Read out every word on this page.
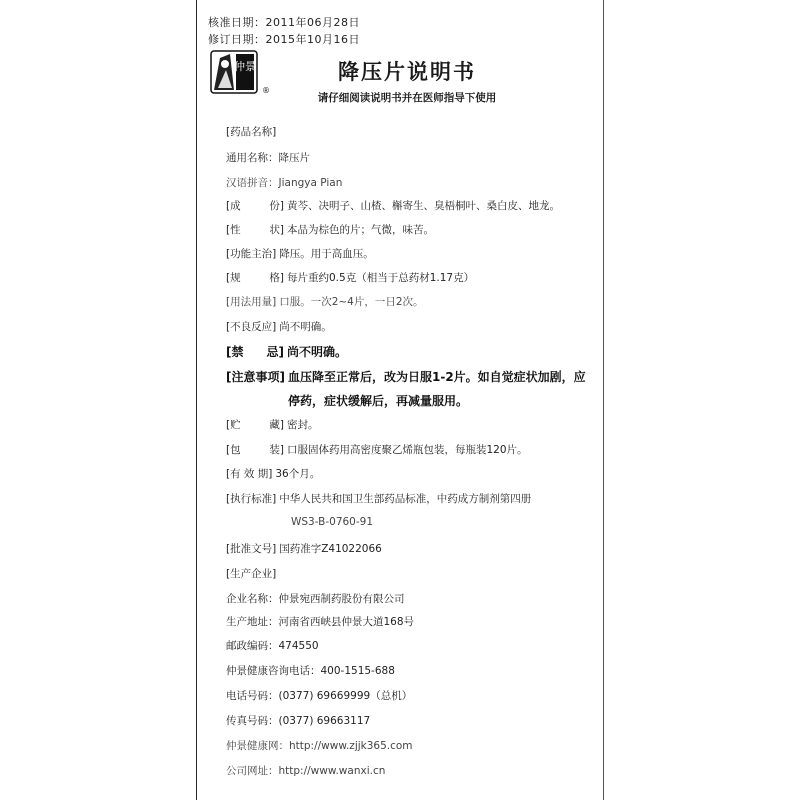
核准日期：2011年06月28日
修订日期：2015年10月16日
仲景
®
降压片说明书
请仔细阅读说明书并在医师指导下使用
[药品名称]
通用名称：降压片
汉语拼音：Jiangya Pian
[成	份] 黄芩、决明子、山楂、槲寄生、臭梧桐叶、桑白皮、地龙。
[性	状] 本品为棕色的片；气微，味苦。
[功能主治] 降压。用于高血压。
[规	格] 每片重约0.5克（相当于总药材1.17克）
[用法用量] 口服。一次2~4片，一日2次。
[不良反应] 尚不明确。
[禁 忌] 尚不明确。
[注意事项] 血压降至正常后，改为日服1-2片。如自觉症状加剧，应
停药，症状缓解后，再减量服用。
[贮	藏] 密封。
[包	装] 口服固体药用高密度聚乙烯瓶包装，每瓶装120片。
[有 效 期] 36个月。
[执行标准] 中华人民共和国卫生部药品标准，中药成方制剂第四册
WS3-B-0760-91
[批准文号] 国药准字Z41022066
[生产企业]
企业名称：仲景宛西制药股份有限公司
生产地址：河南省西峡县仲景大道168号
邮政编码：474550
仲景健康咨询电话：400-1515-688
电话号码：(0377) 69669999（总机）
传真号码：(0377) 69663117
仲景健康网：http://www.zjjk365.com
公司网址：http://www.wanxi.cn
